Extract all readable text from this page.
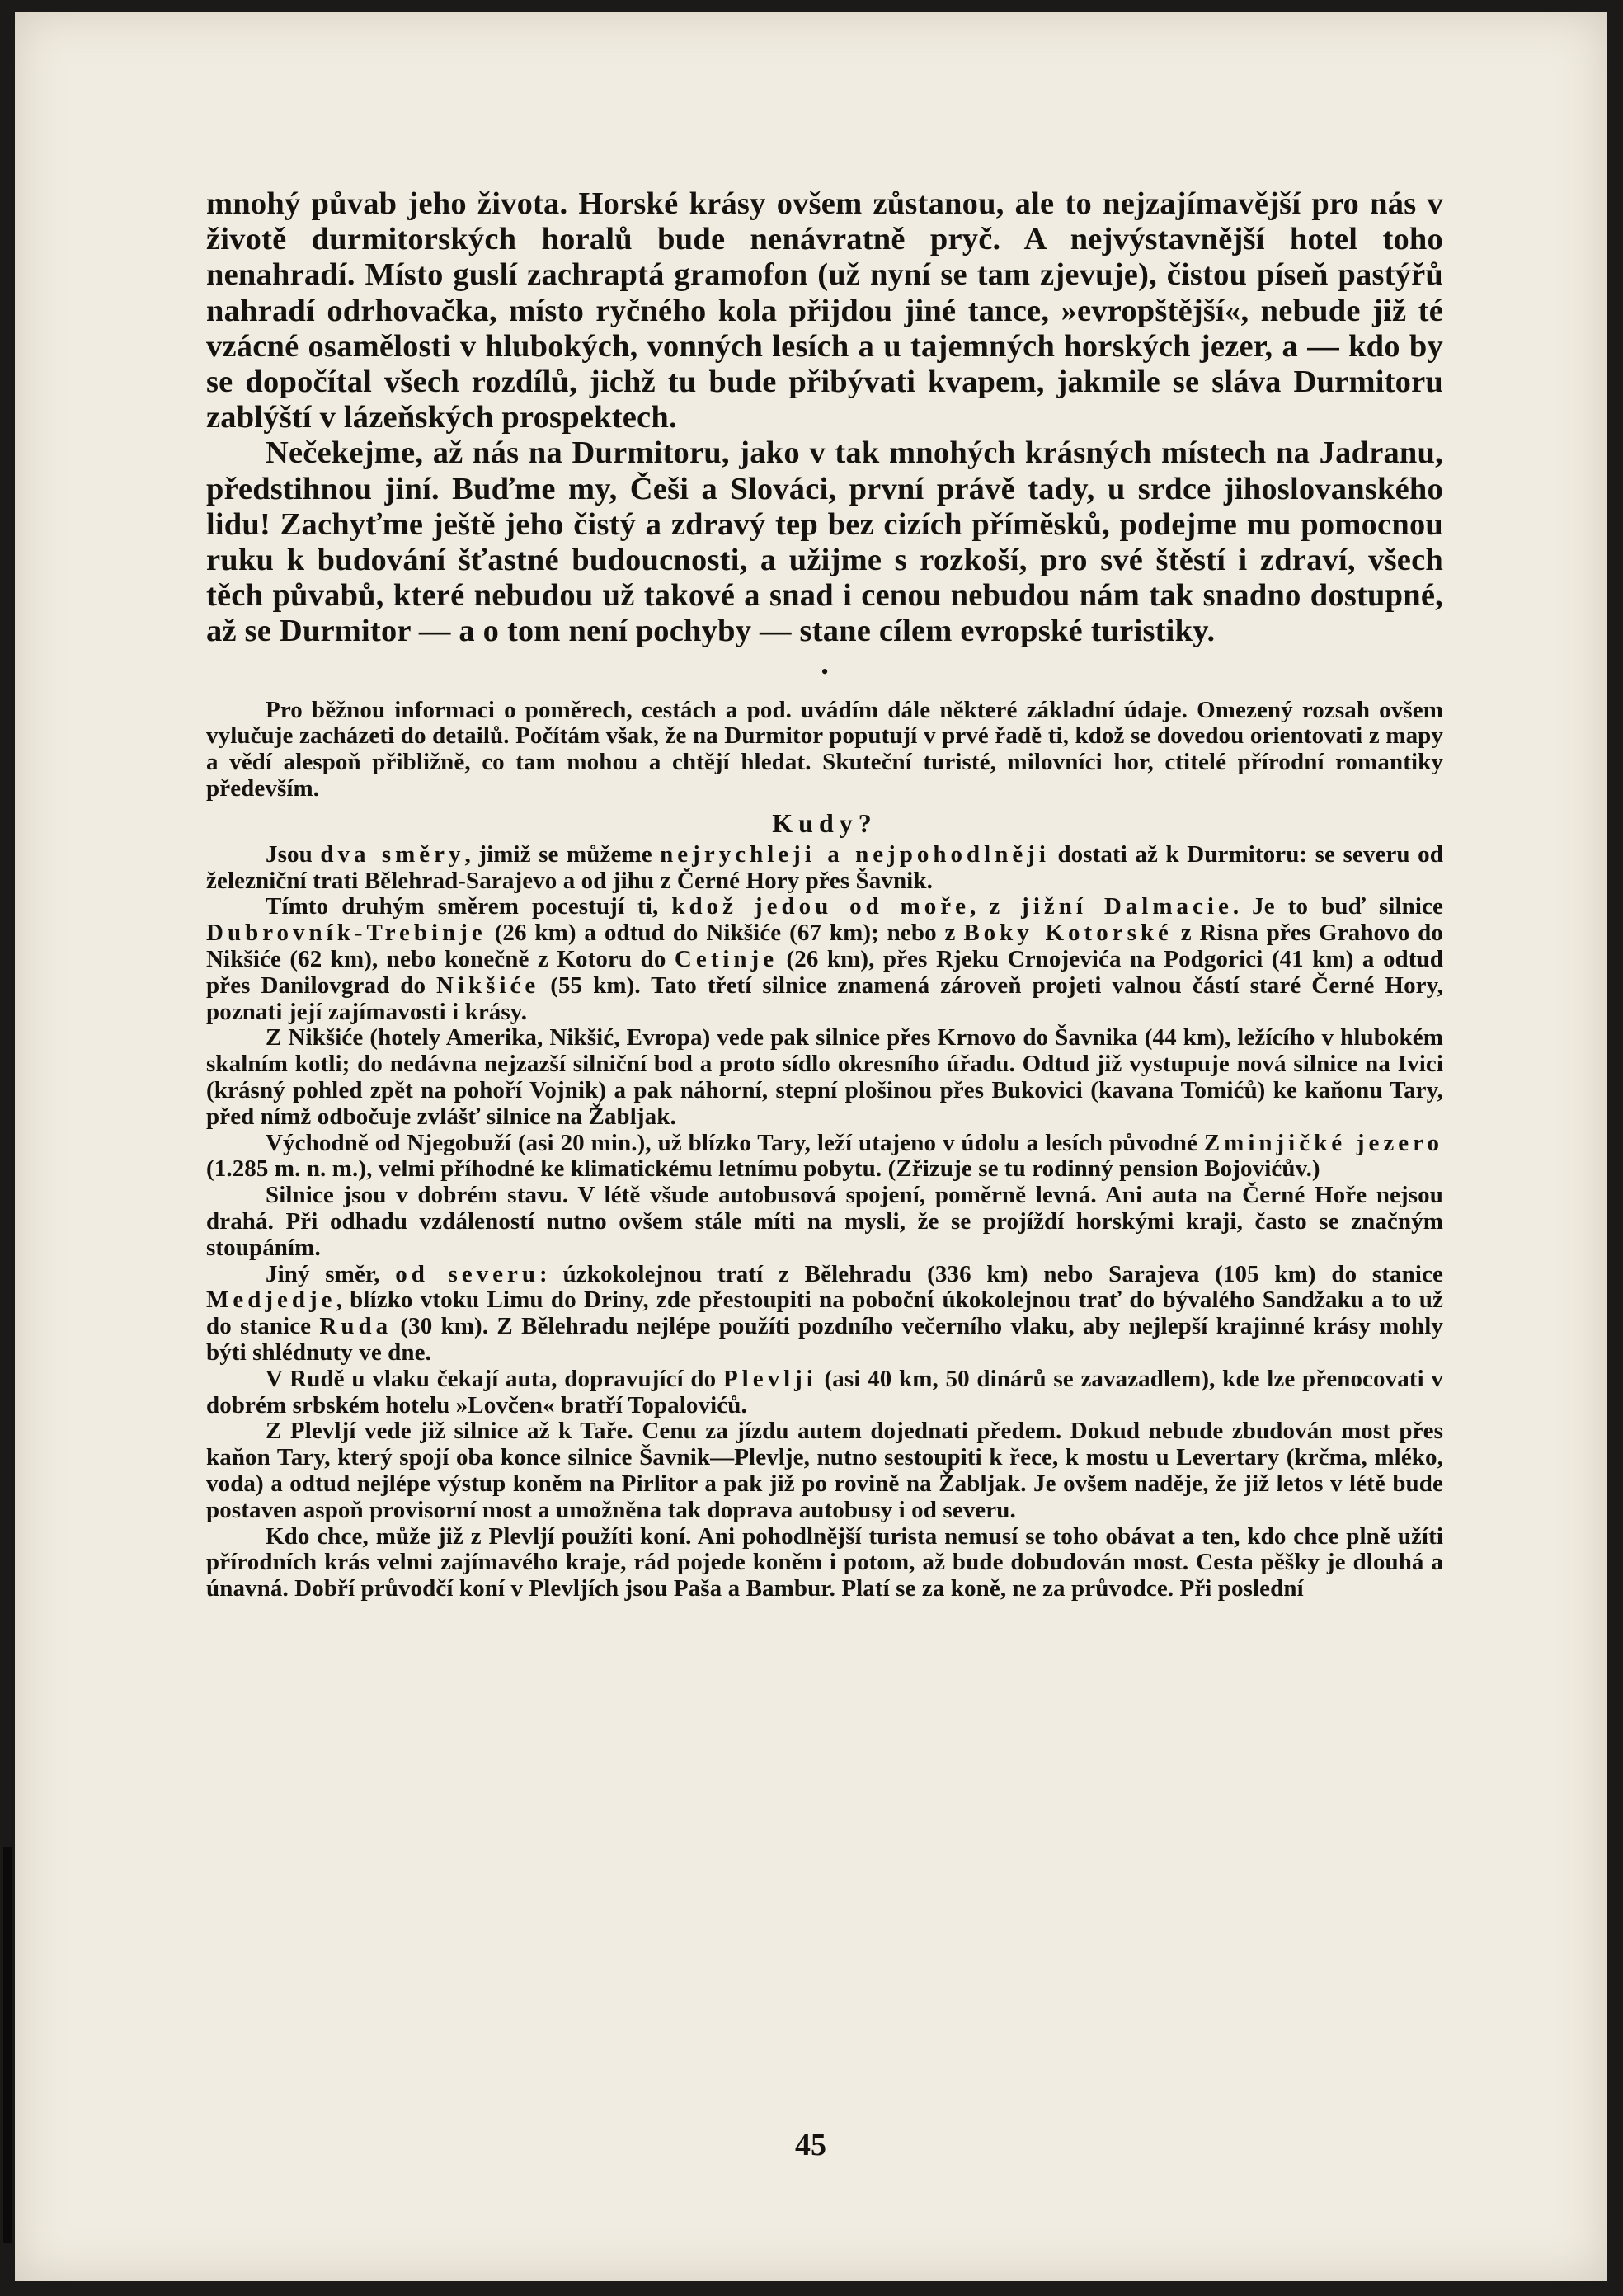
mnohý půvab jeho života. Horské krásy ovšem zůstanou, ale to nejzajímavější pro nás v životě durmitorských horalů bude nenávratně pryč. A nejvýstavnější hotel toho nenahradí. Místo guslí zachraptá gramofon (už nyní se tam zjevuje), čistou píseň pastýřů nahradí odrhovačka, místo ryčného kola přijdou jiné tance, »evropštější«, nebude již té vzácné osamělosti v hlubokých, vonných lesích a u tajemných horských jezer, a — kdo by se dopočítal všech rozdílů, jichž tu bude přibývati kvapem, jakmile se sláva Durmitoru zablýští v lázeňských prospektech.

Nečekejme, až nás na Durmitoru, jako v tak mnohých krásných místech na Jadranu, předstihnou jiní. Buďme my, Češi a Slováci, první právě tady, u srdce jihoslovanského lidu! Zachyťme ještě jeho čistý a zdravý tep bez cizích příměsků, podejme mu pomocnou ruku k budování šťastné budoucnosti, a užijme s rozkoší, pro své štěstí i zdraví, všech těch půvabů, které nebudou už takové a snad i cenou nebudou nám tak snadno dostupné, až se Durmitor — a o tom není pochyby — stane cílem evropské turistiky.

•

Pro běžnou informaci o poměrech, cestách a pod. uvádím dále některé základní údaje. Omezený rozsah ovšem vylučuje zacházeti do detailů. Počítám však, že na Durmitor poputují v prvé řadě ti, kdož se dovedou orientovati z mapy a vědí alespoň přibližně, co tam mohou a chtějí hledat. Skuteční turisté, milovníci hor, ctitelé přírodní romantiky především.

Kudy?

Jsou dva směry, jimiž se můžeme nejrychleji a nejpohodlněji dostati až k Durmitoru: se severu od železniční trati Bělehrad-Sarajevo a od jihu z Černé Hory přes Šavnik.

Tímto druhým směrem pocestují ti, kdož jedou od moře, z jižní Dalmacie. Je to buď silnice Dubrovník-Trebinje (26 km) a odtud do Nikšiće (67 km); nebo z Boky Kotorské z Risna přes Grahovo do Nikšiće (62 km), nebo konečně z Kotoru do Cetinje (26 km), přes Rjeku Crnojevića na Podgorici (41 km) a odtud přes Danilovgrad do Nikšiće (55 km). Tato třetí silnice znamená zároveň projeti valnou částí staré Černé Hory, poznati její zajímavosti i krásy.

Z Nikšiće (hotely Amerika, Nikšić, Evropa) vede pak silnice přes Krnovo do Šavnika (44 km), ležícího v hlubokém skalním kotli; do nedávna nejzazší silniční bod a proto sídlo okresního úřadu. Odtud již vystupuje nová silnice na Ivici (krásný pohled zpět na pohoří Vojnik) a pak náhorní, stepní plošinou přes Bukovici (kavana Tomićů) ke kaňonu Tary, před nímž odbočuje zvlášť silnice na Žabljak.

Východně od Njegobuží (asi 20 min.), už blízko Tary, leží utajeno v údolu a lesích původné Zminjičké jezero (1.285 m. n. m.), velmi příhodné ke klimatickému letnímu pobytu. (Zřizuje se tu rodinný pension Bojovićův.)

Silnice jsou v dobrém stavu. V létě všude autobusová spojení, poměrně levná. Ani auta na Černé Hoře nejsou drahá. Při odhadu vzdáleností nutno ovšem stále míti na mysli, že se projíždí horskými kraji, často se značným stoupáním.

Jiný směr, od severu: úzkokolejnou tratí z Bělehradu (336 km) nebo Sarajeva (105 km) do stanice Medjedje, blízko vtoku Limu do Driny, zde přestoupiti na pobočnί úkokolejnou trať do bývalého Sandžaku a to už do stanice Ruda (30 km). Z Bělehradu nejlépe použíti pozdního večerního vlaku, aby nejlepší krajinné krásy mohly býti shlédnuty ve dne.

V Rudě u vlaku čekají auta, dopravující do Plevlji (asi 40 km, 50 dinárů se zavazadlem), kde lze přenocovati v dobrém srbském hotelu »Lovčen« bratří Topalovićů.

Z Plevljí vede již silnice až k Taře. Cenu za jízdu autem dojednati předem. Dokud nebude zbudován most přes kaňon Tary, který spojí oba konce silnice Šavnik—Plevlje, nutno sestoupiti k řece, k mostu u Levertary (krčma, mléko, voda) a odtud nejlépe výstup koněm na Pirlitor a pak již po rovině na Žabljak. Je ovšem naděje, že již letos v létě bude postaven aspoň provisorní most a umožněna tak doprava autobusy i od severu.

Kdo chce, může již z Plevljí použíti koní. Ani pohodlnější turista nemusí se toho obávat a ten, kdo chce plně užíti přírodních krás velmi zajímavého kraje, rád pojede koněm i potom, až bude dobudován most. Cesta pěšky je dlouhá a únavná. Dobří průvodčí koní v Plevljích jsou Paša a Bambur. Platí se za koně, ne za průvodce. Při poslední

45
